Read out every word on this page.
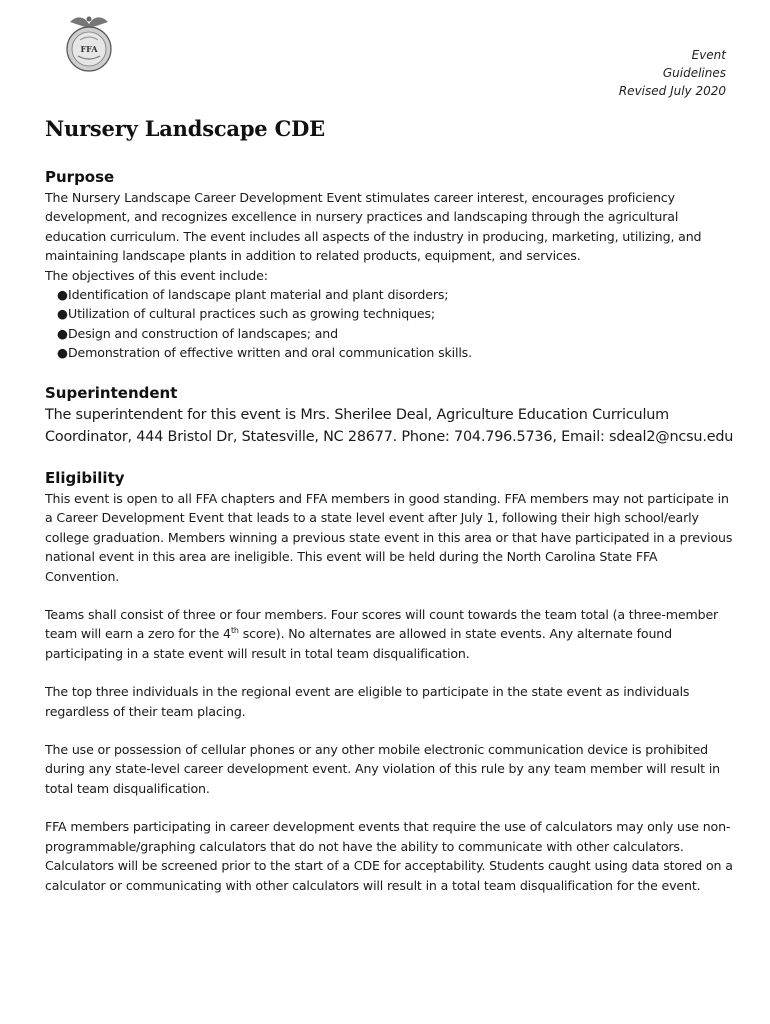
FFA	Event
Guidelines
Revised July 2020
Nursery Landscape CDE
Purpose

The Nursery Landscape Career Development Event stimulates career interest, encourages proficiency development, and recognizes excellence in nursery practices and landscaping through the agricultural education curriculum. The event includes all aspects of the industry in producing, marketing, utilizing, and maintaining landscape plants in addition to related products, equipment, and services.

The objectives of this event include:

●Identification of landscape plant material and plant disorders;
●Utilization of cultural practices such as growing techniques;
●Design and construction of landscapes; and
●Demonstration of effective written and oral communication skills.
Superintendent

The superintendent for this event is Mrs. Sherilee Deal, Agriculture Education Curriculum Coordinator, 444 Bristol Dr, Statesville, NC 28677. Phone: 704.796.5736, Email: sdeal2@ncsu.edu

Eligibility

This event is open to all FFA chapters and FFA members in good standing. FFA members may not participate in a Career Development Event that leads to a state level event after July 1, following their high school/early college graduation. Members winning a previous state event in this area or that have participated in a previous national event in this area are ineligible. This event will be held during the North Carolina State FFA Convention.

Teams shall consist of three or four members. Four scores will count towards the team total (a three-member team will earn a zero for the 4th score). No alternates are allowed in state events. Any alternate found participating in a state event will result in total team disqualification.

The top three individuals in the regional event are eligible to participate in the state event as individuals regardless of their team placing.

The use or possession of cellular phones or any other mobile electronic communication device is prohibited during any state-level career development event. Any violation of this rule by any team member will result in total team disqualification.

FFA members participating in career development events that require the use of calculators may only use non- programmable/graphing calculators that do not have the ability to communicate with other calculators. Calculators will be screened prior to the start of a CDE for acceptability. Students caught using data stored on a calculator or communicating with other calculators will result in a total team disqualification for the event.
